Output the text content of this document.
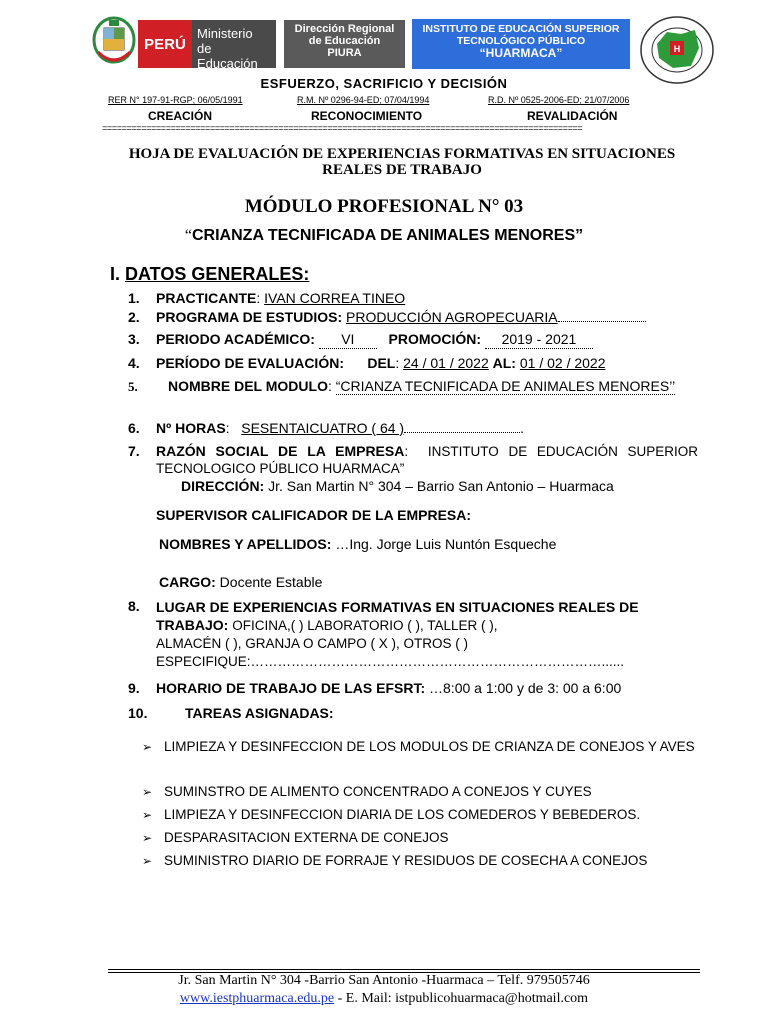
PERÚ
Ministerio
de Educación
Dirección Regional
de Educación
PIURA
INSTITUTO DE EDUCACIÓN SUPERIOR
TECNOLÓGICO PÚBLICO
“HUARMACA”	H
ESFUERZO, SACRIFICIO Y DECISIÓN
RER N° 197-91-RGP; 06/05/1991	R.M. Nº 0296-94-ED; 07/04/1994	R.D. Nº 0525-2006-ED; 21/07/2006
CREACIÓN	RECONOCIMIENTO	REVALIDACIÓN
==================================================================================================
HOJA DE EVALUACIÓN DE EXPERIENCIAS FORMATIVAS EN SITUACIONES
REALES DE TRABAJO
MÓDULO PROFESIONAL N° 03
“CRIANZA TECNIFICADA DE ANIMALES MENORES”
I. DATOS GENERALES:
1. PRACTICANTE: IVAN CORREA TINEO
2. PROGRAMA DE ESTUDIOS: PRODUCCIÓN AGROPECUARIA
3. PERIODO ACADÉMICO: VI PROMOCIÓN: 2019 - 2021
4. PERÍODO DE EVALUACIÓN: DEL: 24 / 01 / 2022 AL: 01 / 02 / 2022
5.	NOMBRE DEL MODULO: “CRIANZA TECNIFICADA DE ANIMALES MENORES’’
6. Nº HORAS:   SESENTAICUATRO ( 64 )	.
7.	RAZÓN SOCIAL DE LA EMPRESA:  INSTITUTO DE EDUCACIÓN SUPERIOR TECNOLOGICO PÚBLICO HUARMACA”
DIRECCIÓN: Jr. San Martin N° 304 – Barrio San Antonio – Huarmaca
SUPERVISOR CALIFICADOR DE LA EMPRESA:
NOMBRES Y APELLIDOS: …Ing. Jorge Luis Nuntón Esqueche
CARGO: Docente Estable
8.	LUGAR DE EXPERIENCIAS FORMATIVAS EN SITUACIONES REALES DE TRABAJO: OFICINA,( ) LABORATORIO ( ), TALLER ( ),
ALMACÉN ( ), GRANJA O CAMPO ( X ), OTROS ( )
ESPECIFIQUE:……………………………………………………………………......
9. HORARIO DE TRABAJO DE LAS EFSRT: …8:00 a 1:00 y de 3: 00 a 6:00
10.	TAREAS ASIGNADAS:
➢ LIMPIEZA Y DESINFECCION DE LOS MODULOS DE CRIANZA DE CONEJOS Y AVES
➢ SUMINSTRO DE ALIMENTO CONCENTRADO A CONEJOS Y CUYES
➢ LIMPIEZA Y DESINFECCION DIARIA DE LOS COMEDEROS Y BEBEDEROS.
➢ DESPARASITACION EXTERNA DE CONEJOS
➢ SUMINISTRO DIARIO DE FORRAJE Y RESIDUOS DE COSECHA A CONEJOS
Jr. San Martin N° 304 -Barrio San Antonio -Huarmaca – Telf. 979505746
www.iestphuarmaca.edu.pe - E. Mail: istpublicohuarmaca@hotmail.com
